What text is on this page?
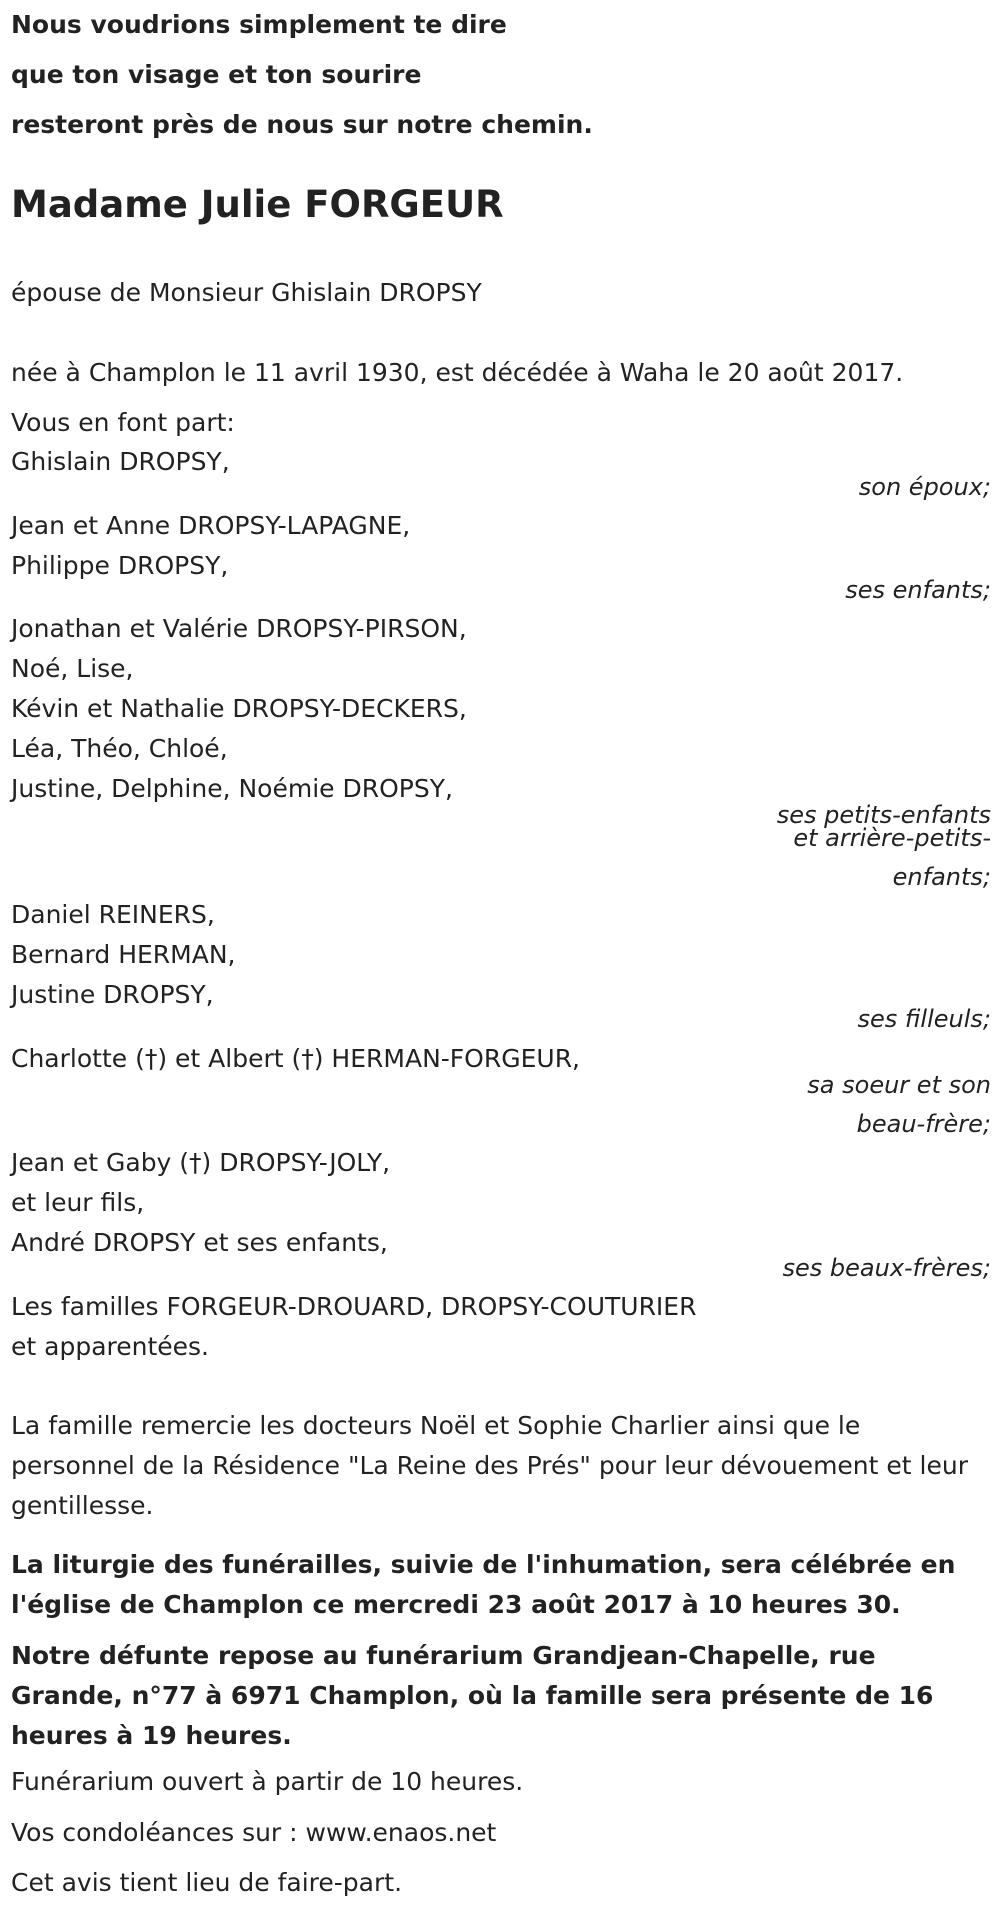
Nous voudrions simplement te dire
que ton visage et ton sourire
resteront près de nous sur notre chemin.
Madame Julie FORGEUR
épouse de Monsieur Ghislain DROPSY
née à Champlon le 11 avril 1930, est décédée à Waha le 20 août 2017.
Vous en font part:
Ghislain DROPSY,
son époux;
Jean et Anne DROPSY-LAPAGNE,
Philippe DROPSY,
ses enfants;
Jonathan et Valérie DROPSY-PIRSON,
Noé, Lise,
Kévin et Nathalie DROPSY-DECKERS,
Léa, Théo, Chloé,
Justine, Delphine, Noémie DROPSY,
ses petits-enfants
et arrière-petits-
enfants;
Daniel REINERS,
Bernard HERMAN,
Justine DROPSY,
ses filleuls;
Charlotte (†) et Albert (†) HERMAN-FORGEUR,
sa soeur et son
beau-frère;
Jean et Gaby (†) DROPSY-JOLY,
et leur fils,
André DROPSY et ses enfants,
ses beaux-frères;
Les familles FORGEUR-DROUARD, DROPSY-COUTURIER
et apparentées.
La famille remercie les docteurs Noël et Sophie Charlier ainsi que le personnel de la Résidence "La Reine des Prés" pour leur dévouement et leur gentillesse.
La liturgie des funérailles, suivie de l'inhumation, sera célébrée en l'église de Champlon ce mercredi 23 août 2017 à 10 heures 30.
Notre défunte repose au funérarium Grandjean-Chapelle, rue Grande, n°77 à 6971 Champlon, où la famille sera présente de 16 heures à 19 heures.
Funérarium ouvert à partir de 10 heures.
Vos condoléances sur : www.enaos.net
Cet avis tient lieu de faire-part.
